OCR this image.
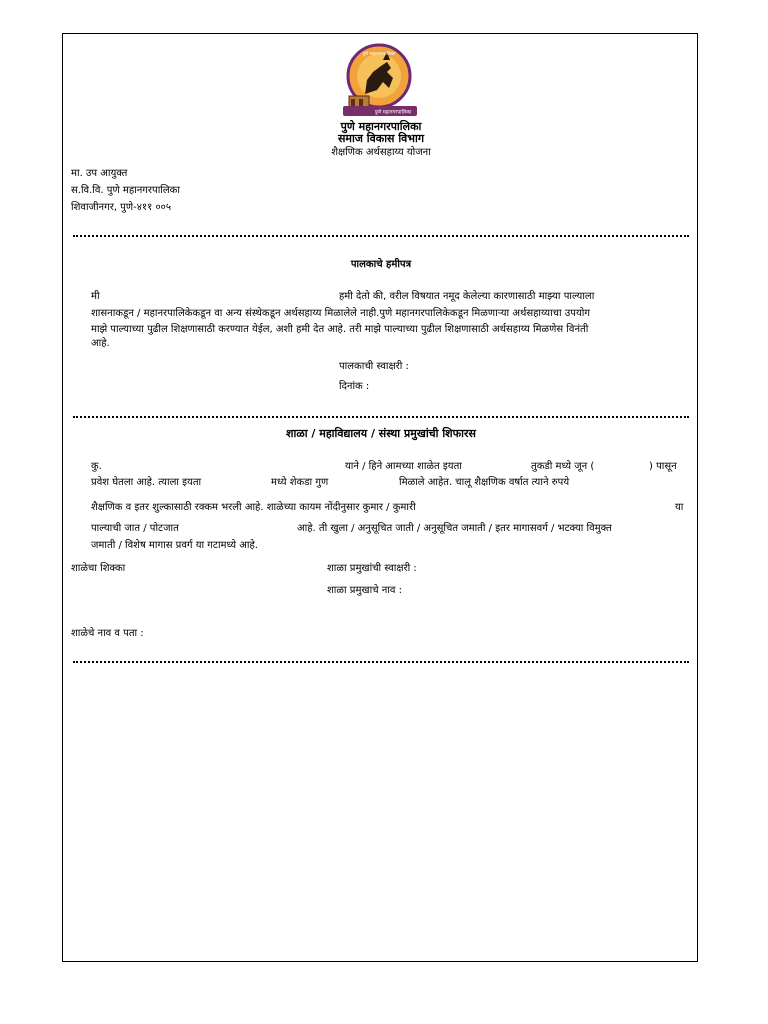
पुणे महानगरपालिका
पुणे महानगरपालिका
पुणे महानगरपालिका
समाज विकास विभाग
शैक्षणिक अर्थसहाय्य योजना
मा. उप आयुक्त
स.वि.वि. पुणे महानगरपालिका
शिवाजीनगर, पुणे-४११ ००५
पालकाचे हमीपत्र
मी	हमी देतो की, वरील विषयात नमूद केलेल्या कारणासाठी माझ्या पाल्याला
शासनाकडून / महानरपालिकेकडून वा अन्य संस्थेकडून अर्थसहाय्य मिळालेले नाही.पुणे महानगरपालिकेकडून मिळणाऱ्या अर्थसहाय्याचा उपयोग
माझे पाल्याच्या पुढील शिक्षणासाठी करण्यात येईल, अशी हमी देत आहे. तरी माझे पाल्याच्या पुढील शिक्षणासाठी अर्थसहाय्य मिळणेस विनंती
आहे.
पालकाची स्वाक्षरी :
दिनांक :
शाळा / महाविद्यालय / संस्था प्रमुखांची शिफारस
कु.	याने / हिने आमच्या शाळेत इयता	तुकडी मध्ये जून (	) पासून
प्रवेश घेतला आहे. त्याला इयता	मध्ये शेकडा गुण	मिळाले आहेत. चालू शैक्षणिक वर्षात त्याने रुपये
शैक्षणिक व इतर शुल्कासाठी रक्कम भरली आहे. शाळेच्या कायम नोंदीनुसार कुमार / कुमारी	या
पाल्याची जात / पोटजात	आहे. ती खुला / अनुसूचित जाती / अनुसूचित जमाती / इतर मागासवर्ग / भटक्या विमुक्त
जमाती / विशेष मागास प्रवर्ग या गटामध्ये आहे.
शाळेचा शिक्का	शाळा प्रमुखांची स्वाक्षरी :
शाळा प्रमुखाचे नाव :
शाळेचे नाव व पता :
